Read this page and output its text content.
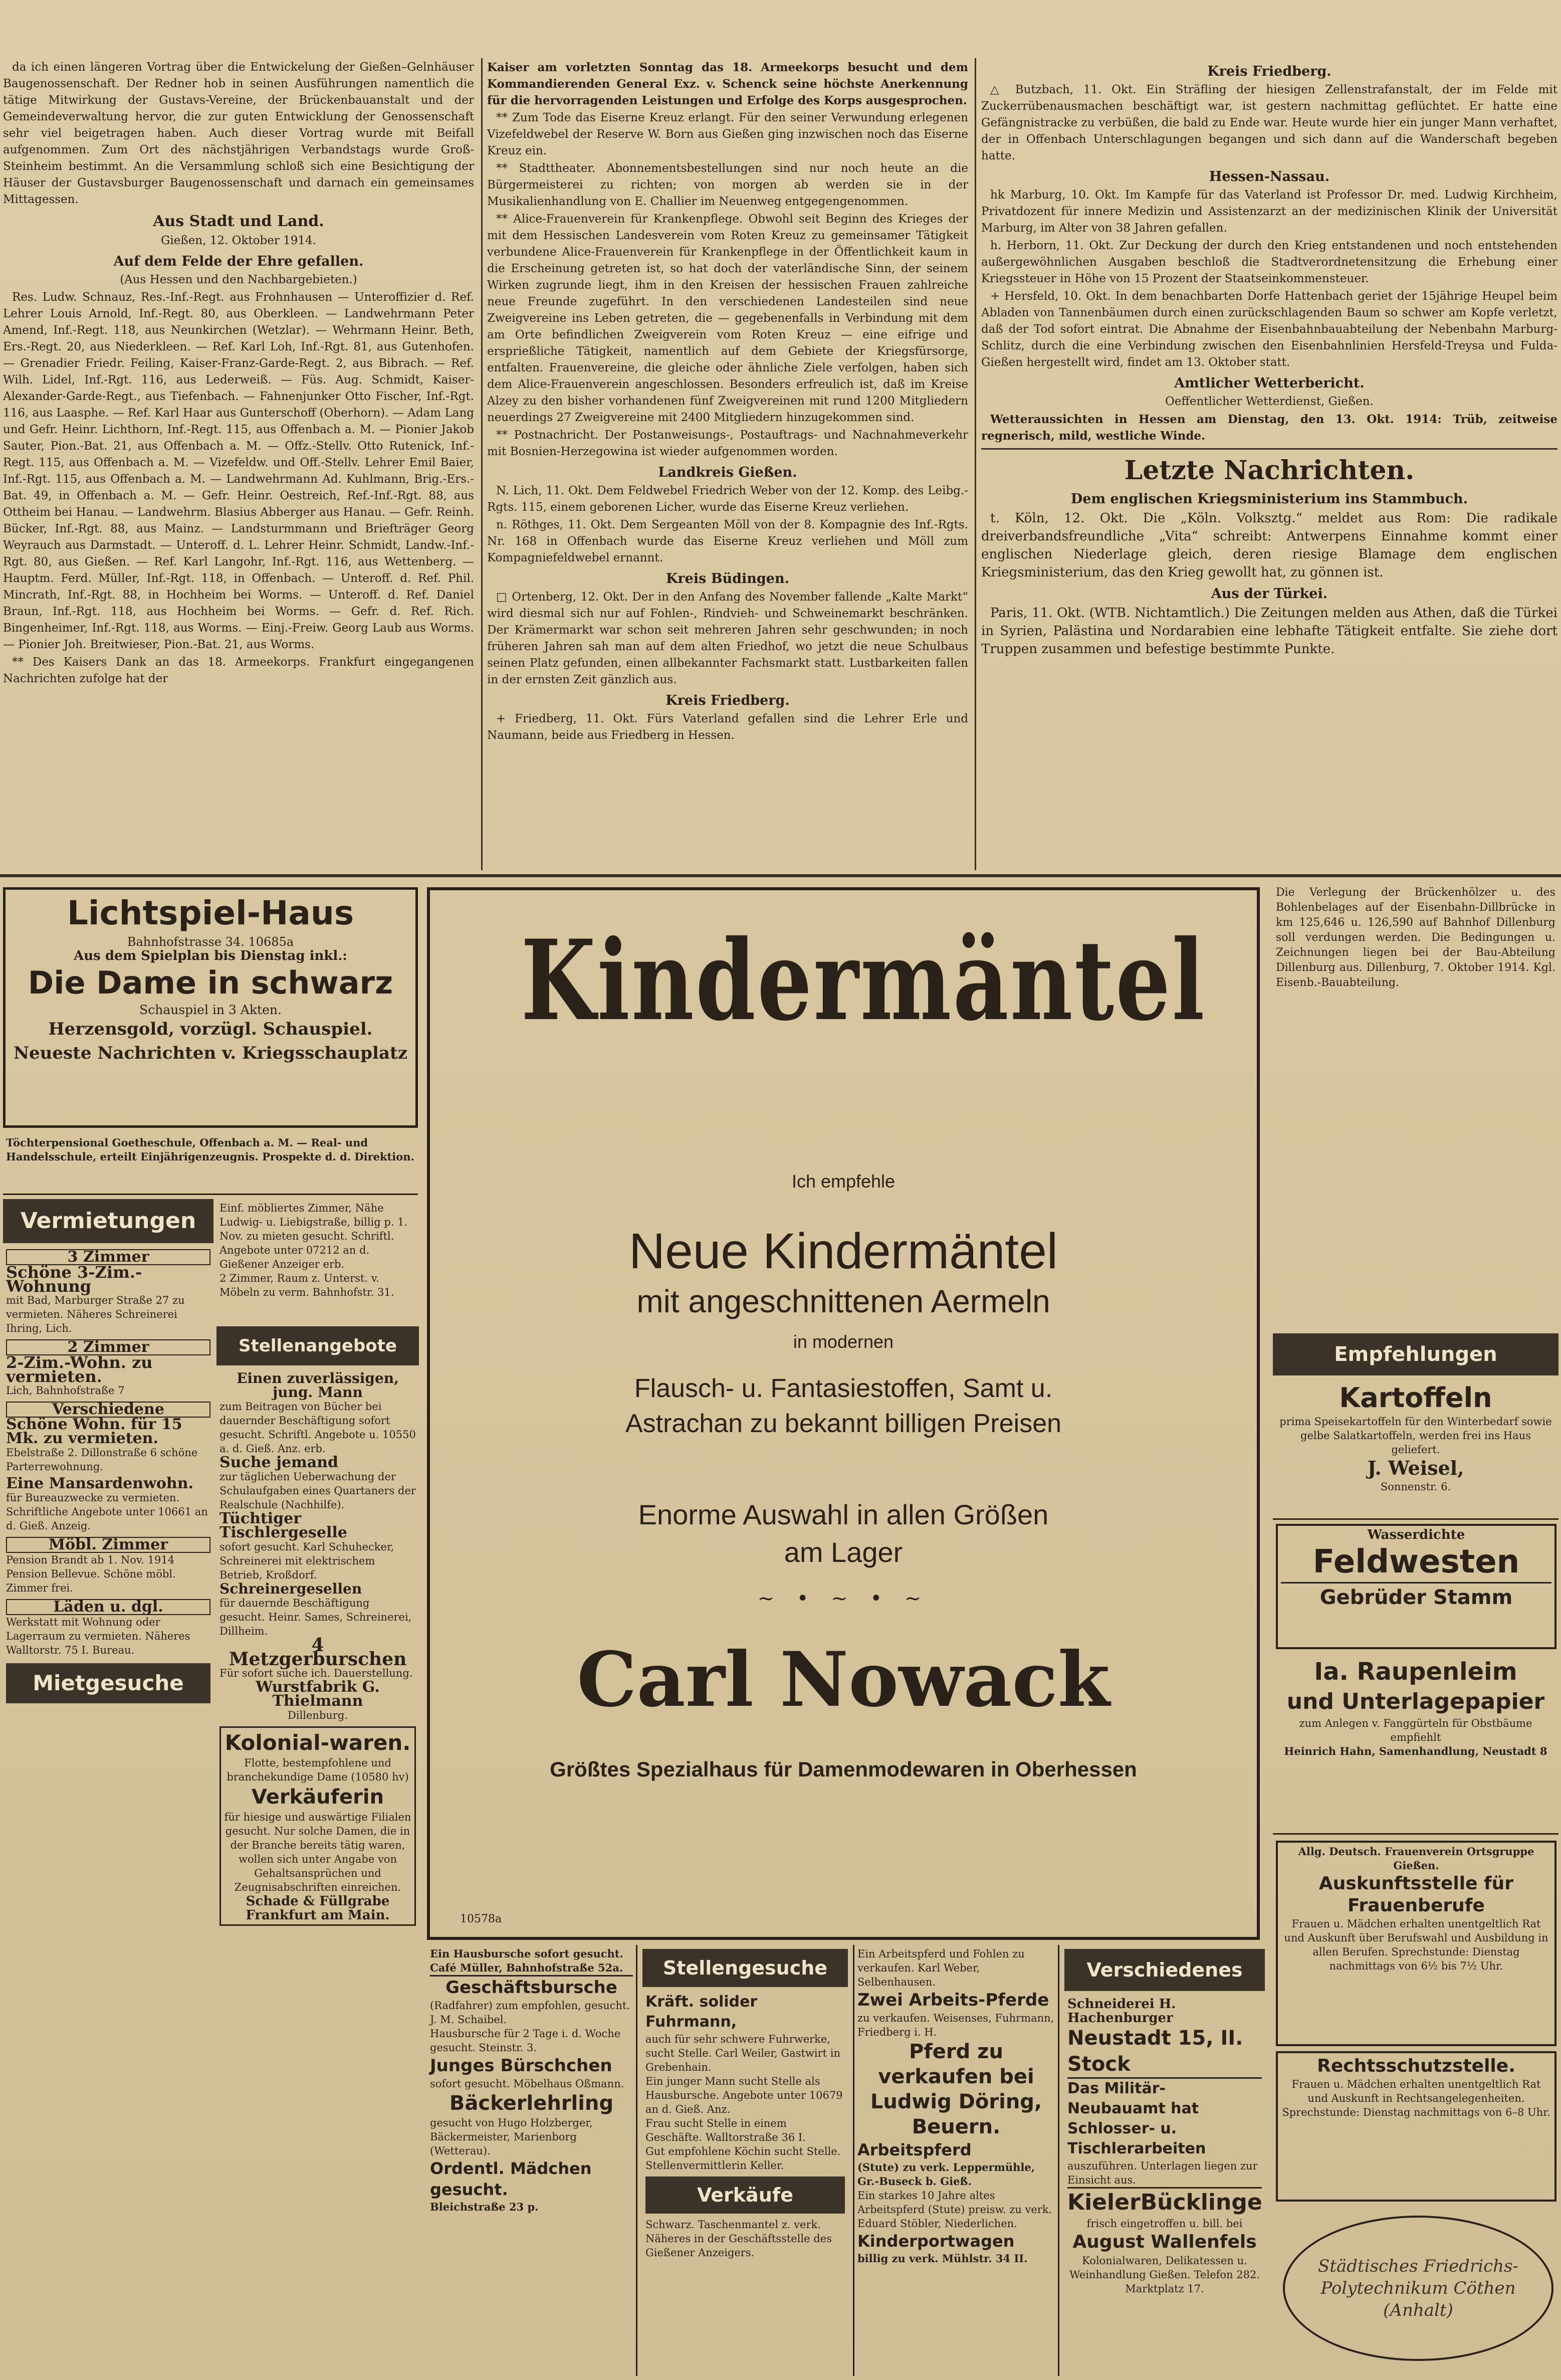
da ich einen längeren Vortrag über die Entwickelung der Gießen–Gelnhäuser Baugenossenschaft. Der Redner hob in seinen Ausführungen namentlich die tätige Mitwirkung der Gustavs-Vereine, der Brückenbauanstalt und der Gemeindeverwaltung hervor, die zur guten Entwicklung der Genossenschaft sehr viel beigetragen haben. Auch dieser Vortrag wurde mit Beifall aufgenommen. Zum Ort des nächstjährigen Verbandstags wurde Groß-Steinheim bestimmt. An die Versammlung schloß sich eine Besichtigung der Häuser der Gustavsburger Baugenossenschaft und darnach ein gemeinsames Mittagessen.

Aus Stadt und Land.

Gießen, 12. Oktober 1914.

Auf dem Felde der Ehre gefallen.

(Aus Hessen und den Nachbargebieten.)

Res. Ludw. Schnauz, Res.-Inf.-Regt. aus Frohnhausen — Unteroffizier d. Ref. Lehrer Louis Arnold, Inf.-Regt. 80, aus Oberkleen. — Landwehrmann Peter Amend, Inf.-Regt. 118, aus Neunkirchen (Wetzlar). — Wehrmann Heinr. Beth, Ers.-Regt. 20, aus Niederkleen. — Ref. Karl Loh, Inf.-Rgt. 81, aus Gutenhofen. — Grenadier Friedr. Feiling, Kaiser-Franz-Garde-Regt. 2, aus Bibrach. — Ref. Wilh. Lidel, Inf.-Rgt. 116, aus Lederweiß. — Füs. Aug. Schmidt, Kaiser-Alexander-Garde-Regt., aus Tiefenbach. — Fahnenjunker Otto Fischer, Inf.-Rgt. 116, aus Laasphe. — Ref. Karl Haar aus Gunterschoff (Oberhorn). — Adam Lang und Gefr. Heinr. Lichthorn, Inf.-Regt. 115, aus Offenbach a. M. — Pionier Jakob Sauter, Pion.-Bat. 21, aus Offenbach a. M. — Offz.-Stellv. Otto Rutenick, Inf.-Regt. 115, aus Offenbach a. M. — Vizefeldw. und Off.-Stellv. Lehrer Emil Baier, Inf.-Rgt. 115, aus Offenbach a. M. — Landwehrmann Ad. Kuhlmann, Brig.-Ers.-Bat. 49, in Offenbach a. M. — Gefr. Heinr. Oestreich, Ref.-Inf.-Rgt. 88, aus Ottheim bei Hanau. — Landwehrm. Blasius Abberger aus Hanau. — Gefr. Reinh. Bücker, Inf.-Rgt. 88, aus Mainz. — Landsturmmann und Briefträger Georg Weyrauch aus Darmstadt. — Unteroff. d. L. Lehrer Heinr. Schmidt, Landw.-Inf.-Rgt. 80, aus Gießen. — Ref. Karl Langohr, Inf.-Rgt. 116, aus Wettenberg. — Hauptm. Ferd. Müller, Inf.-Rgt. 118, in Offenbach. — Unteroff. d. Ref. Phil. Mincrath, Inf.-Rgt. 88, in Hochheim bei Worms. — Unteroff. d. Ref. Daniel Braun, Inf.-Rgt. 118, aus Hochheim bei Worms. — Gefr. d. Ref. Rich. Bingenheimer, Inf.-Rgt. 118, aus Worms. — Einj.-Freiw. Georg Laub aus Worms. — Pionier Joh. Breitwieser, Pion.-Bat. 21, aus Worms.

** Des Kaisers Dank an das 18. Armeekorps. Frankfurt eingegangenen Nachrichten zufolge hat der

Kaiser am vorletzten Sonntag das 18. Armeekorps besucht und dem Kommandierenden General Exz. v. Schenck seine höchste Anerkennung für die hervorragenden Leistungen und Erfolge des Korps ausgesprochen.

** Zum Tode das Eiserne Kreuz erlangt. Für den seiner Verwundung erlegenen Vizefeldwebel der Reserve W. Born aus Gießen ging inzwischen noch das Eiserne Kreuz ein.

** Stadttheater. Abonnementsbestellungen sind nur noch heute an die Bürgermeisterei zu richten; von morgen ab werden sie in der Musikalienhandlung von E. Challier im Neuenweg entgegengenommen.

** Alice-Frauenverein für Krankenpflege. Obwohl seit Beginn des Krieges der mit dem Hessischen Landesverein vom Roten Kreuz zu gemeinsamer Tätigkeit verbundene Alice-Frauenverein für Krankenpflege in der Öffentlichkeit kaum in die Erscheinung getreten ist, so hat doch der vaterländische Sinn, der seinem Wirken zugrunde liegt, ihm in den Kreisen der hessischen Frauen zahlreiche neue Freunde zugeführt. In den verschiedenen Landesteilen sind neue Zweigvereine ins Leben getreten, die — gegebenenfalls in Verbindung mit dem am Orte befindlichen Zweigverein vom Roten Kreuz — eine eifrige und ersprießliche Tätigkeit, namentlich auf dem Gebiete der Kriegsfürsorge, entfalten. Frauenvereine, die gleiche oder ähnliche Ziele verfolgen, haben sich dem Alice-Frauenverein angeschlossen. Besonders erfreulich ist, daß im Kreise Alzey zu den bisher vorhandenen fünf Zweigvereinen mit rund 1200 Mitgliedern neuerdings 27 Zweigvereine mit 2400 Mitgliedern hinzugekommen sind.

** Postnachricht. Der Postanweisungs-, Postauftrags- und Nachnahmeverkehr mit Bosnien-Herzegowina ist wieder aufgenommen worden.

Landkreis Gießen.

N. Lich, 11. Okt. Dem Feldwebel Friedrich Weber von der 12. Komp. des Leibg.-Rgts. 115, einem geborenen Licher, wurde das Eiserne Kreuz verliehen.

n. Röthges, 11. Okt. Dem Sergeanten Möll von der 8. Kompagnie des Inf.-Rgts. Nr. 168 in Offenbach wurde das Eiserne Kreuz verliehen und Möll zum Kompagniefeldwebel ernannt.

Kreis Büdingen.

□ Ortenberg, 12. Okt. Der in den Anfang des November fallende „Kalte Markt“ wird diesmal sich nur auf Fohlen-, Rindvieh- und Schweinemarkt beschränken. Der Krämermarkt war schon seit mehreren Jahren sehr geschwunden; in noch früheren Jahren sah man auf dem alten Friedhof, wo jetzt die neue Schulbaus seinen Platz gefunden, einen allbekannter Fachsmarkt statt. Lustbarkeiten fallen in der ernsten Zeit gänzlich aus.

Kreis Friedberg.

+ Friedberg, 11. Okt. Fürs Vaterland gefallen sind die Lehrer Erle und Naumann, beide aus Friedberg in Hessen.

Kreis Friedberg.

△ Butzbach, 11. Okt. Ein Sträfling der hiesigen Zellenstrafanstalt, der im Felde mit Zuckerrübenausmachen beschäftigt war, ist gestern nachmittag geflüchtet. Er hatte eine Gefängnistracke zu verbüßen, die bald zu Ende war. Heute wurde hier ein junger Mann verhaftet, der in Offenbach Unterschlagungen begangen und sich dann auf die Wanderschaft begeben hatte.

Hessen-Nassau.

hk Marburg, 10. Okt. Im Kampfe für das Vaterland ist Professor Dr. med. Ludwig Kirchheim, Privatdozent für innere Medizin und Assistenzarzt an der medizinischen Klinik der Universität Marburg, im Alter von 38 Jahren gefallen.

h. Herborn, 11. Okt. Zur Deckung der durch den Krieg entstandenen und noch entstehenden außergewöhnlichen Ausgaben beschloß die Stadtverordnetensitzung die Erhebung einer Kriegssteuer in Höhe von 15 Prozent der Staatseinkommensteuer.

+ Hersfeld, 10. Okt. In dem benachbarten Dorfe Hattenbach geriet der 15jährige Heupel beim Abladen von Tannenbäumen durch einen zurückschlagenden Baum so schwer am Kopfe verletzt, daß der Tod sofort eintrat. Die Abnahme der Eisenbahnbauabteilung der Nebenbahn Marburg-Schlitz, durch die eine Verbindung zwischen den Eisenbahnlinien Hersfeld-Treysa und Fulda-Gießen hergestellt wird, findet am 13. Oktober statt.

Amtlicher Wetterbericht.

Oeffentlicher Wetterdienst, Gießen.

Wetteraussichten in Hessen am Dienstag, den 13. Okt. 1914: Trüb, zeitweise regnerisch, mild, westliche Winde.

Letzte Nachrichten.
Dem englischen Kriegsministerium ins Stammbuch.

t. Köln, 12. Okt. Die „Köln. Volksztg.“ meldet aus Rom: Die radikale dreiverbandsfreundliche „Vita“ schreibt: Antwerpens Einnahme kommt einer englischen Niederlage gleich, deren riesige Blamage dem englischen Kriegsministerium, das den Krieg gewollt hat, zu gönnen ist.

Aus der Türkei.

Paris, 11. Okt. (WTB. Nichtamtlich.) Die Zeitungen melden aus Athen, daß die Türkei in Syrien, Palästina und Nordarabien eine lebhafte Tätigkeit entfalte. Sie ziehe dort Truppen zusammen und befestige bestimmte Punkte.

Lichtspiel-Haus
Bahnhofstrasse 34. 10685a
Aus dem Spielplan bis Dienstag inkl.:
Die Dame in schwarz
Schauspiel in 3 Akten.
Herzensgold, vorzügl. Schauspiel.
Neueste Nachrichten v. Kriegsschauplatz
Töchterpensional Goetheschule, Offenbach a. M. — Real- und Handelsschule, erteilt Einjährigenzeugnis. Prospekte d. d. Direktion.
Vermietungen
3 Zimmer
Schöne 3-Zim.-Wohnung
mit Bad, Marburger Straße 27 zu vermieten. Näheres Schreinerei Ihring, Lich.
2 Zimmer
2-Zim.-Wohn. zu vermieten.
Lich, Bahnhofstraße 7
Verschiedene
Schöne Wohn. für 15 Mk. zu vermieten.
Ebelstraße 2. Dillonstraße 6 schöne Parterrewohnung.
Eine Mansardenwohn.
für Bureauzwecke zu vermieten. Schriftliche Angebote unter 10661 an d. Gieß. Anzeig.
Möbl. Zimmer
Pension Brandt ab 1. Nov. 1914 Pension Bellevue. Schöne möbl. Zimmer frei.
Läden u. dgl.
Werkstatt mit Wohnung oder Lagerraum zu vermieten. Näheres Walltorstr. 75 I. Bureau.
Mietgesuche
Einf. möbliertes Zimmer, Nähe Ludwig- u. Liebigstraße, billig p. 1. Nov. zu mieten gesucht. Schriftl. Angebote unter 07212 an d. Gießener Anzeiger erb.
2 Zimmer, Raum z. Unterst. v. Möbeln zu verm. Bahnhofstr. 31.
Stellenangebote
Einen zuverlässigen, jung. Mann
zum Beitragen von Bücher bei dauernder Beschäftigung sofort gesucht. Schriftl. Angebote u. 10550 a. d. Gieß. Anz. erb.
Suche jemand
zur täglichen Ueberwachung der Schulaufgaben eines Quartaners der Realschule (Nachhilfe).
Tüchtiger Tischlergeselle
sofort gesucht. Karl Schuhecker, Schreinerei mit elektrischem Betrieb, Kroßdorf.
Schreinergesellen
für dauernde Beschäftigung gesucht. Heinr. Sames, Schreinerei, Dillheim.
4 Metzgerburschen
Für sofort suche ich. Dauerstellung.
Wurstfabrik G. Thielmann
Dillenburg.
Kolonial-waren.
Flotte, bestempfohlene und branchekundige Dame (10580 hv)
Verkäuferin
für hiesige und auswärtige Filialen gesucht. Nur solche Damen, die in der Branche bereits tätig waren, wollen sich unter Angabe von Gehaltsansprüchen und Zeugnisabschriften einreichen.
Schade & Füllgrabe Frankfurt am Main.
Kindermäntel
Ich empfehle
Neue Kindermäntel
mit angeschnittenen Aermeln
in modernen
Flausch- u. Fantasiestoffen, Samt u.
Astrachan zu bekannt billigen Preisen
Enorme Auswahl in allen Größen
am Lager
~ • ~ • ~
Carl Nowack
Größtes Spezialhaus für Damenmodewaren in Oberhessen
10578a
Die Verlegung der Brückenhölzer u. des Bohlenbelages auf der Eisenbahn-Dillbrücke in km 125,646 u. 126,590 auf Bahnhof Dillenburg soll verdungen werden. Die Bedingungen u. Zeichnungen liegen bei der Bau-Abteilung Dillenburg aus. Dillenburg, 7. Oktober 1914. Kgl. Eisenb.-Bauabteilung.
Empfehlungen
Kartoffeln
prima Speisekartoffeln für den Winterbedarf sowie gelbe Salatkartoffeln, werden frei ins Haus geliefert.
J. Weisel,
Sonnenstr. 6.
Wasserdichte
Feldwesten
Gebrüder Stamm
Ia. Raupenleim
und Unterlagepapier
zum Anlegen v. Fanggürteln für Obstbäume empfiehlt
Heinrich Hahn, Samenhandlung, Neustadt 8
Allg. Deutsch. Frauenverein Ortsgruppe Gießen.
Auskunftsstelle für Frauenberufe
Frauen u. Mädchen erhalten unentgeltlich Rat und Auskunft über Berufswahl und Ausbildung in allen Berufen. Sprechstunde: Dienstag nachmittags von 6½ bis 7½ Uhr.
Rechtsschutzstelle.
Frauen u. Mädchen erhalten unentgeltlich Rat und Auskunft in Rechtsangelegenheiten. Sprechstunde: Dienstag nachmittags von 6–8 Uhr.
Städtisches Friedrichs-Polytechnikum Cöthen (Anhalt)
Ein Hausbursche sofort gesucht. Café Müller, Bahnhofstraße 52a.
Geschäftsbursche
(Radfahrer) zum empfohlen, gesucht. J. M. Schaibel.
Hausbursche für 2 Tage i. d. Woche gesucht. Steinstr. 3.
Junges Bürschchen
sofort gesucht. Möbelhaus Oßmann.
Bäckerlehrling
gesucht von Hugo Holzberger, Bäckermeister, Marienborg (Wetterau).
Ordentl. Mädchen gesucht.
Bleichstraße 23 p.
Stellengesuche
Kräft. solider Fuhrmann,
auch für sehr schwere Fuhrwerke, sucht Stelle. Carl Weiler, Gastwirt in Grebenhain.
Ein junger Mann sucht Stelle als Hausbursche. Angebote unter 10679 an d. Gieß. Anz.
Frau sucht Stelle in einem Geschäfte. Walltorstraße 36 I.
Gut empfohlene Köchin sucht Stelle. Stellenvermittlerin Keller.
Verkäufe
Schwarz. Taschenmantel z. verk. Näheres in der Geschäftsstelle des Gießener Anzeigers.
Ein Arbeitspferd und Fohlen zu verkaufen. Karl Weber, Selbenhausen.
Zwei Arbeits-Pferde
zu verkaufen. Weisenses, Fuhrmann, Friedberg i. H.
Pferd zu verkaufen bei Ludwig Döring, Beuern.
Arbeitspferd
(Stute) zu verk. Leppermühle, Gr.-Buseck b. Gieß.
Ein starkes 10 Jahre altes Arbeitspferd (Stute) preisw. zu verk. Eduard Stöbler, Niederlichen.
Kinderportwagen
billig zu verk. Mühlstr. 34 II.
Verschiedenes
Schneiderei H. Hachenburger
Neustadt 15, II. Stock
Das Militär-Neubauamt hat Schlosser- u. Tischlerarbeiten
auszuführen. Unterlagen liegen zur Einsicht aus.
KielerBücklinge
frisch eingetroffen u. bill. bei
August Wallenfels
Kolonialwaren, Delikatessen u. Weinhandlung Gießen. Telefon 282. Marktplatz 17.
